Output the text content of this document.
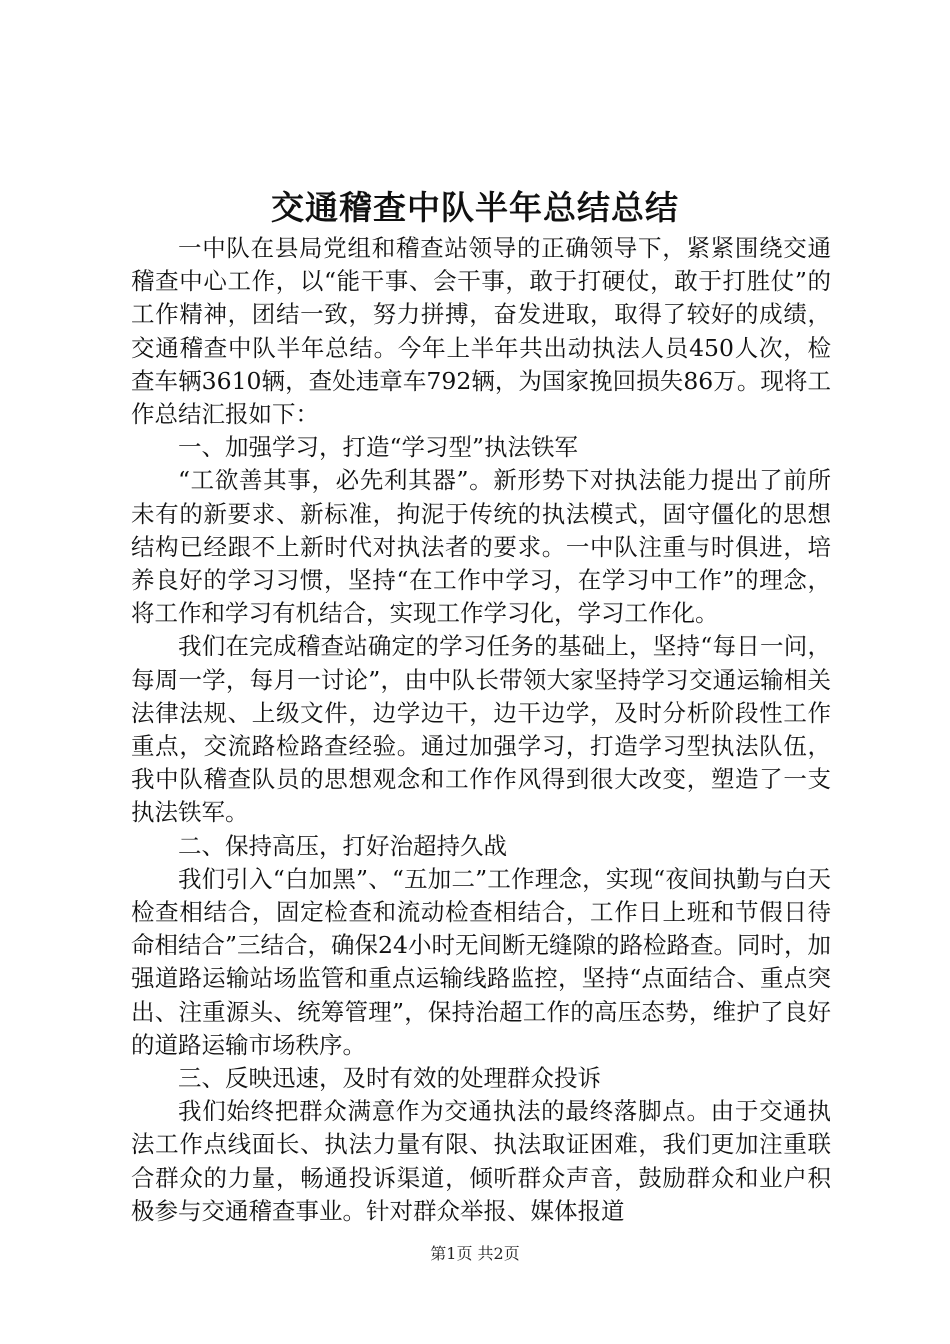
交通稽查中队半年总结总结

一中队在县局党组和稽查站领导的正确领导下，紧紧围绕交通稽查中心工作，以“能干事、会干事，敢于打硬仗，敢于打胜仗”的工作精神，团结一致，努力拼搏，奋发进取，取得了较好的成绩，交通稽查中队半年总结。今年上半年共出动执法人员450人次，检查车辆3610辆，查处违章车792辆，为国家挽回损失86万。现将工作总结汇报如下：

一、加强学习，打造“学习型”执法铁军

“工欲善其事，必先利其器”。新形势下对执法能力提出了前所未有的新要求、新标准，拘泥于传统的执法模式，固守僵化的思想结构已经跟不上新时代对执法者的要求。一中队注重与时俱进，培养良好的学习习惯，坚持“在工作中学习，在学习中工作”的理念，将工作和学习有机结合，实现工作学习化，学习工作化。

我们在完成稽查站确定的学习任务的基础上，坚持“每日一问，每周一学，每月一讨论”，由中队长带领大家坚持学习交通运输相关法律法规、上级文件，边学边干，边干边学，及时分析阶段性工作重点，交流路检路查经验。通过加强学习，打造学习型执法队伍，我中队稽查队员的思想观念和工作作风得到很大改变，塑造了一支执法铁军。

二、保持高压，打好治超持久战

我们引入“白加黑”、“五加二”工作理念，实现“夜间执勤与白天检查相结合，固定检查和流动检查相结合，工作日上班和节假日待命相结合”三结合，确保24小时无间断无缝隙的路检路查。同时，加强道路运输站场监管和重点运输线路监控，坚持“点面结合、重点突出、注重源头、统筹管理”，保持治超工作的高压态势，维护了良好的道路运输市场秩序。

三、反映迅速，及时有效的处理群众投诉

我们始终把群众满意作为交通执法的最终落脚点。由于交通执法工作点线面长、执法力量有限、执法取证困难，我们更加注重联合群众的力量，畅通投诉渠道，倾听群众声音，鼓励群众和业户积极参与交通稽查事业。针对群众举报、媒体报道

第1页 共2页
